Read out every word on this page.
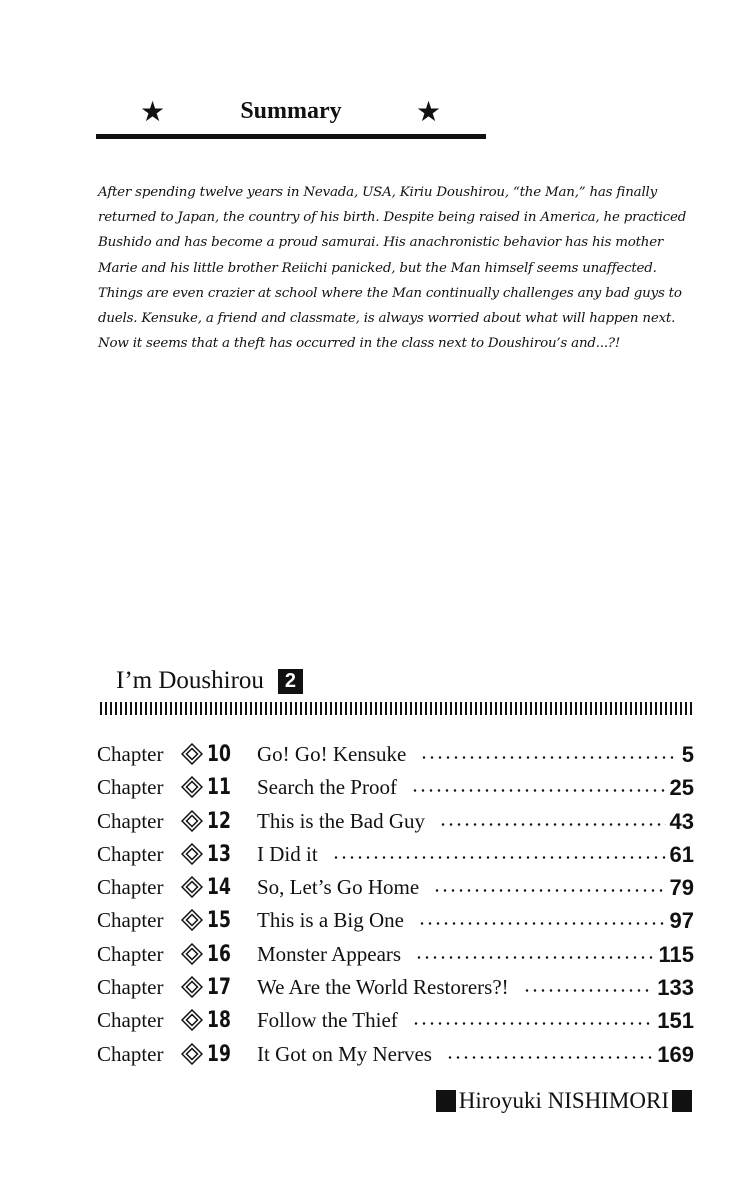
★	Summary	★
After spending twelve years in Nevada, USA, Kiriu Doushirou, “the Man,” has finally returned to Japan, the country of his birth. Despite being raised in America, he practiced Bushido and has become a proud samurai. His anachronistic behavior has his mother Marie and his little brother Reiichi panicked, but the Man himself seems unaffected. Things are even crazier at school where the Man continually challenges any bad guys to duels. Kensuke, a friend and classmate, is always worried about what will happen next. Now it seems that a theft has occurred in the class next to Doushirou’s and...?!
I’m Doushirou	2
Chapter 10 Go! Go! Kensuke	5
Chapter 11 Search the Proof	25
Chapter 12 This is the Bad Guy	43
Chapter 13 I Did it	61
Chapter 14 So, Let’s Go Home	79
Chapter 15 This is a Big One	97
Chapter 16 Monster Appears	115
Chapter 17 We Are the World Restorers?!	133
Chapter 18 Follow the Thief	151
Chapter 19 It Got on My Nerves	169
Hiroyuki NISHIMORI
